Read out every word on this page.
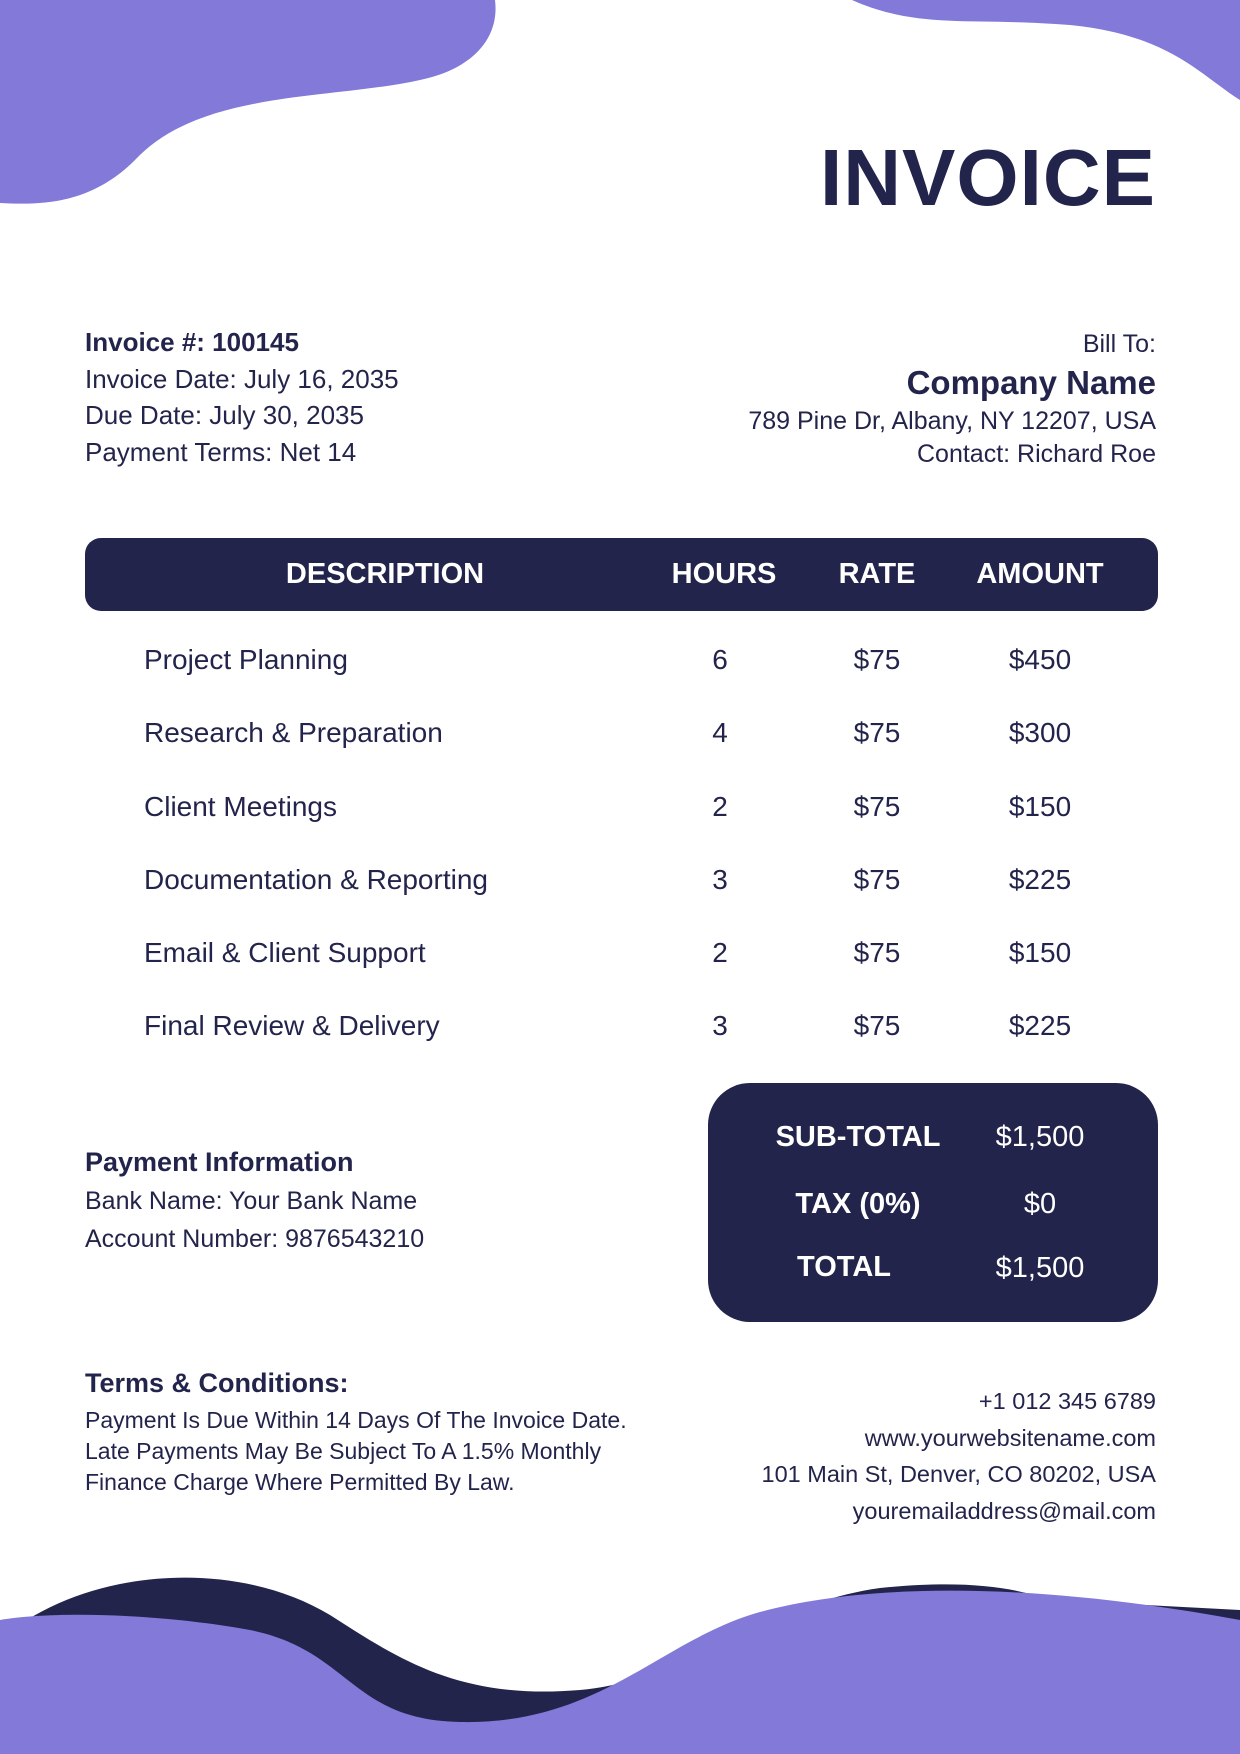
INVOICE
Invoice #: 100145
Invoice Date: July 16, 2035
Due Date: July 30, 2035
Payment Terms: Net 14
Bill To:
Company Name
789 Pine Dr, Albany, NY 12207, USA
Contact: Richard Roe
DESCRIPTION	HOURS RATE AMOUNT
Project Planning	6	$75	$450
Research & Preparation	4	$75	$300
Client Meetings	2	$75	$150
Documentation & Reporting	3	$75	$225
Email & Client Support	2	$75	$150
Final Review & Delivery	3	$75	$225
Payment Information
Bank Name: Your Bank Name
Account Number: 9876543210
SUB-TOTAL $1,500
TAX (0%)	$0
TOTAL	$1,500
Terms & Conditions:
Payment Is Due Within 14 Days Of The Invoice Date. Late Payments May Be Subject To A 1.5% Monthly Finance Charge Where Permitted By Law.
+1 012 345 6789
www.yourwebsitename.com
101 Main St, Denver, CO 80202, USA
youremailaddress@mail.com
